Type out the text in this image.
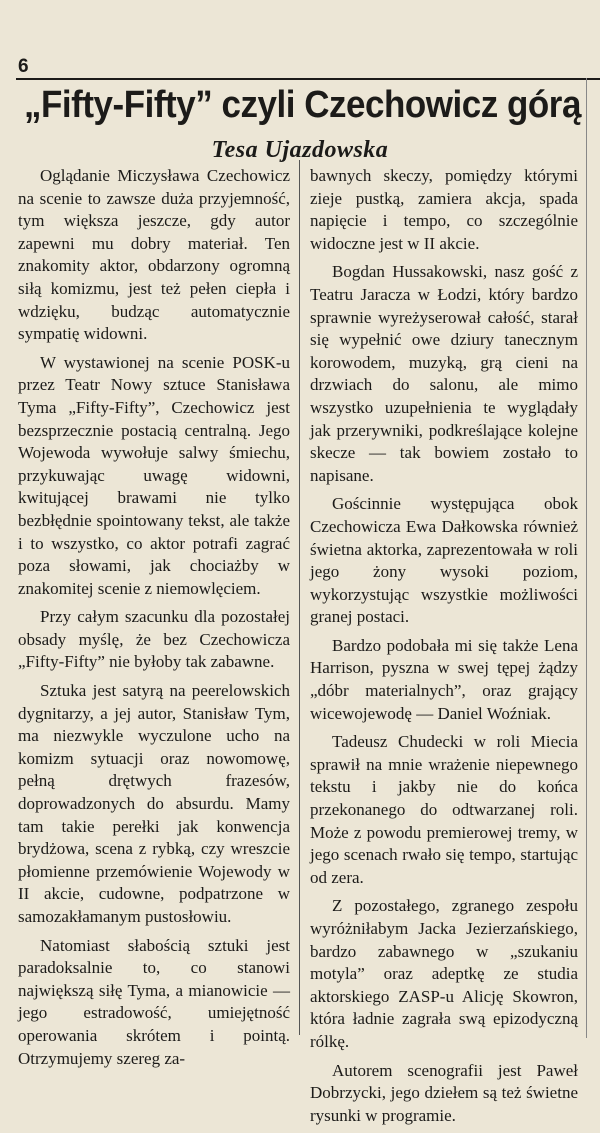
6
„Fifty-Fifty” czyli Czechowicz górą
Tesa Ujazdowska

Oglądanie Miczysława Czechowicz na scenie to zawsze duża przyjemność, tym większa jeszcze, gdy autor zapewni mu dobry materiał. Ten znakomity aktor, obdarzony ogromną siłą komizmu, jest też pełen ciepła i wdzięku, budząc automatycznie sympatię widowni.

W wystawionej na scenie POSK-u przez Teatr Nowy sztuce Stanisława Tyma „Fifty-Fifty”, Czechowicz jest bezsprzecznie postacią centralną. Jego Wojewoda wywołuje salwy śmiechu, przykuwając uwagę widowni, kwitującej brawami nie tylko bezbłędnie spointowany tekst, ale także i to wszystko, co aktor potrafi zagrać poza słowami, jak chociażby w znakomitej scenie z niemowlęciem.

Przy całym szacunku dla pozostałej obsady myślę, że bez Czechowicza „Fifty-Fifty” nie byłoby tak zabawne.

Sztuka jest satyrą na peerelowskich dygnitarzy, a jej autor, Stanisław Tym, ma niezwykle wyczulone ucho na komizm sytuacji oraz nowomowę, pełną drętwych frazesów, doprowadzonych do absurdu. Mamy tam takie perełki jak konwencja brydżowa, scena z rybką, czy wreszcie płomienne przemówienie Wojewody w II akcie, cudowne, podpatrzone w samozakłamanym pustosłowiu.

Natomiast słabością sztuki jest paradoksalnie to, co stanowi największą siłę Tyma, a mianowicie — jego estradowość, umiejętność operowania skrótem i pointą. Otrzymujemy szereg za-

bawnych skeczy, pomiędzy którymi zieje pustką, zamiera akcja, spada napięcie i tempo, co szczególnie widoczne jest w II akcie.

Bogdan Hussakowski, nasz gość z Teatru Jaracza w Łodzi, który bardzo sprawnie wyreżyserował całość, starał się wypełnić owe dziury tanecznym korowodem, muzyką, grą cieni na drzwiach do salonu, ale mimo wszystko uzupełnienia te wyglądały jak przerywniki, podkreślające kolejne skecze — tak bowiem zostało to napisane.

Gościnnie występująca obok Czechowicza Ewa Dałkowska również świetna aktorka, zaprezentowała w roli jego żony wysoki poziom, wykorzystując wszystkie możliwości granej postaci.

Bardzo podobała mi się także Lena Harrison, pyszna w swej tępej żądzy „dóbr materialnych”, oraz grający wicewojewodę — Daniel Woźniak.

Tadeusz Chudecki w roli Miecia sprawił na mnie wrażenie niepewnego tekstu i jakby nie do końca przekonanego do odtwarzanej roli. Może z powodu premierowej tremy, w jego scenach rwało się tempo, startując od zera.

Z pozostałego, zgranego zespołu wyróżniłabym Jacka Jezierzańskiego, bardzo zabawnego w „szukaniu motyla” oraz adeptkę ze studia aktorskiego ZASP-u Alicję Skowron, która ładnie zagrała swą epizodyczną rólkę.

Autorem scenografii jest Paweł Dobrzycki, jego dziełem są też świetne rysunki w programie.
